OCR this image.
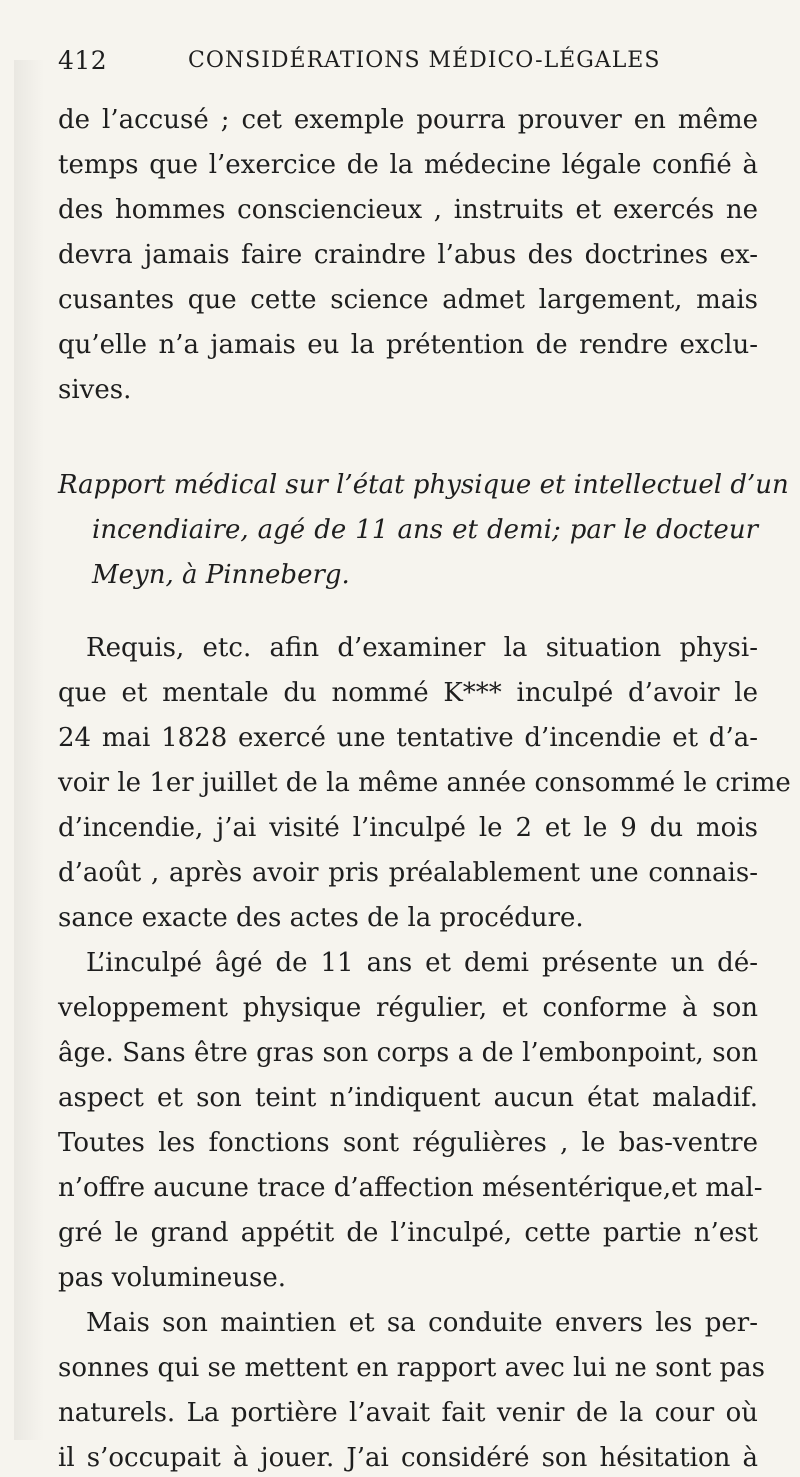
412	CONSIDÉRATIONS MÉDICO-LÉGALES
de l’accusé ; cet exemple pourra prouver en même
temps que l’exercice de la médecine légale confié à
des hommes consciencieux , instruits et exercés ne
devra jamais faire craindre l’abus des doctrines ex-
cusantes que cette science admet largement, mais
qu’elle n’a jamais eu la prétention de rendre exclu-
sives.
Rapport médical sur l’état physique et intellectuel d’un
incendiaire, agé de 11 ans et demi; par le docteur
Meyn, à Pinneberg.
Requis, etc. afin d’examiner la situation physi-
que et mentale du nommé K*** inculpé d’avoir le
24 mai 1828 exercé une tentative d’incendie et d’a-
voir le 1er juillet de la même année consommé le crime
d’incendie, j’ai visité l’inculpé le 2 et le 9 du mois
d’août , après avoir pris préalablement une connais-
sance exacte des actes de la procédure.
L’inculpé âgé de 11 ans et demi présente un dé-
veloppement physique régulier, et conforme à son
âge. Sans être gras son corps a de l’embonpoint, son
aspect et son teint n’indiquent aucun état maladif.
Toutes les fonctions sont régulières , le bas-ventre
n’offre aucune trace d’affection mésentérique,et mal-
gré le grand appétit de l’inculpé, cette partie n’est
pas volumineuse.
Mais son maintien et sa conduite envers les per-
sonnes qui se mettent en rapport avec lui ne sont pas
naturels. La portière l’avait fait venir de la cour où
il s’occupait à jouer. J’ai considéré son hésitation à
